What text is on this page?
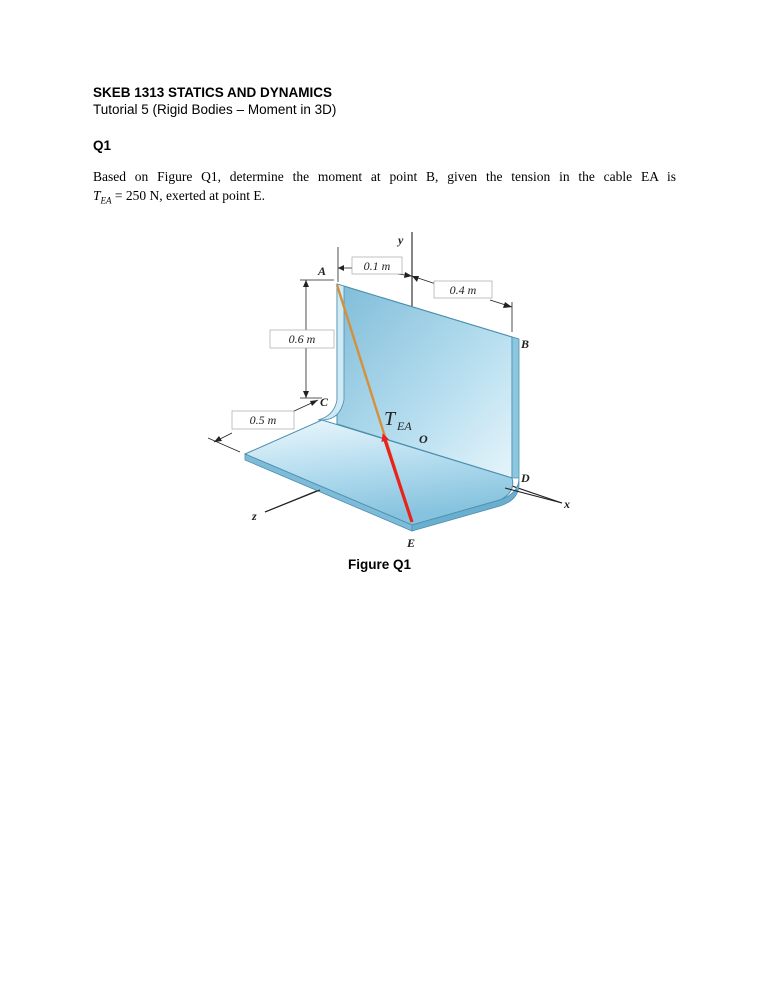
SKEB 1313 STATICS AND DYNAMICS
Tutorial 5 (Rigid Bodies – Moment in 3D)
Q1
Based on Figure Q1, determine the moment at point B, given the tension in the cable EA is
$T_{EA} = 250$ N, exerted at point E.
0.1 m
0.4 m
0.6 m
0.5 m
A
B
C
D
E
O
y
x
z
T EA
Figure Q1
